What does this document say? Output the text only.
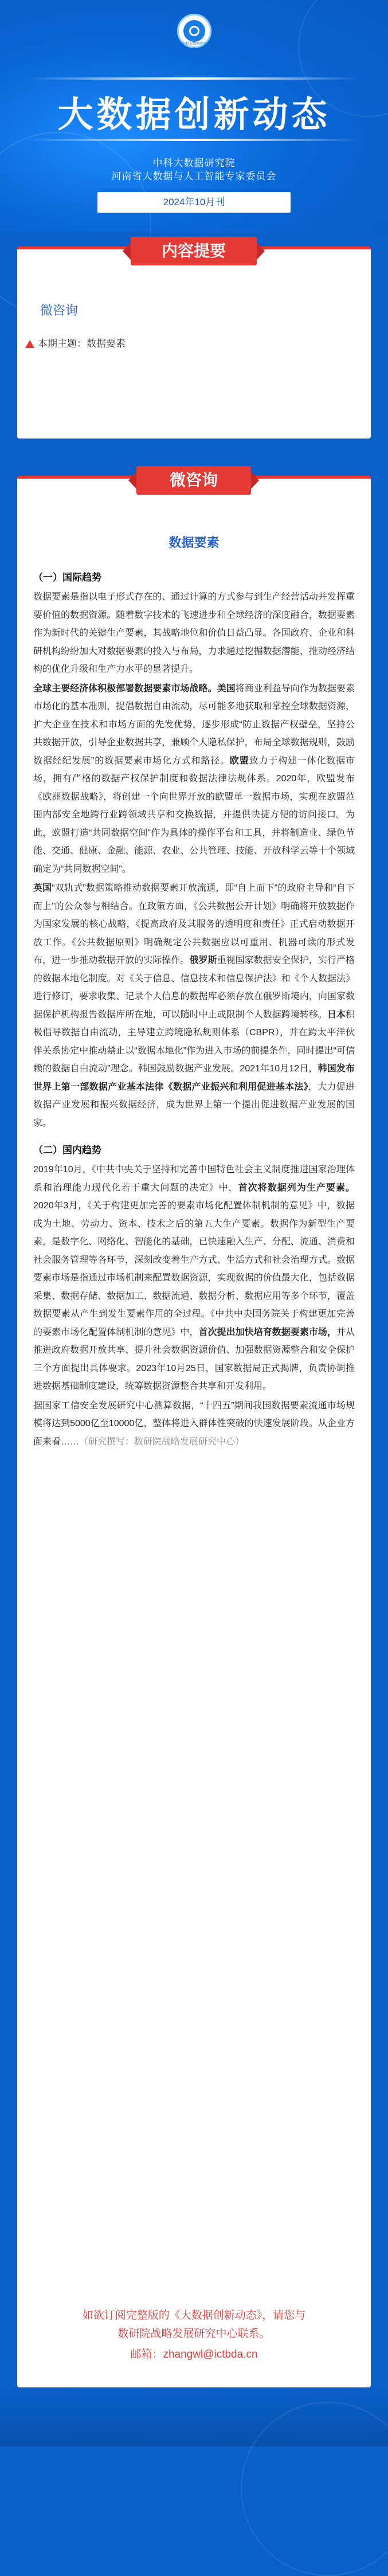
中科大数据研究院
大数据创新动态
中科大数据研究院
河南省大数据与人工智能专家委员会
2024年10月刊
内容提要
微咨询
本期主题：数据要素
微咨询
数据要素
（一）国际趋势

数据要素是指以电子形式存在的、通过计算的方式参与到生产经营活动并发挥重要价值的数据资源。随着数字技术的飞速进步和全球经济的深度融合，数据要素作为新时代的关键生产要素，其战略地位和价值日益凸显。各国政府、企业和科研机构纷纷加大对数据要素的投入与布局，力求通过挖掘数据潜能，推动经济结构的优化升级和生产力水平的显著提升。

全球主要经济体积极部署数据要素市场战略。美国将商业利益导向作为数据要素市场化的基本准则，提倡数据自由流动，尽可能多地获取和掌控全球数据资源，扩大企业在技术和市场方面的先发优势，逐步形成“防止数据产权壁垒，坚持公共数据开放，引导企业数据共享，兼顾个人隐私保护，布局全球数据规则，鼓励数据经纪发展”的数据要素市场化方式和路径。欧盟致力于构建一体化数据市场，拥有严格的数据产权保护制度和数据法律法规体系。2020年，欧盟发布《欧洲数据战略》，将创建一个向世界开放的欧盟单一数据市场，实现在欧盟范围内部安全地跨行业跨领域共享和交换数据，并提供快捷方便的访问接口。为此，欧盟打造“共同数据空间”作为具体的操作平台和工具，并将制造业、绿色节能、交通、健康、金融、能源、农业、公共管理、技能、开放科学云等十个领域确定为“共同数据空间”。

英国“双轨式”数据策略推动数据要素开放流通，即“自上而下”的政府主导和“自下而上”的公众参与相结合。在政策方面，《公共数据公开计划》明确将开放数据作为国家发展的核心战略，《提高政府及其服务的透明度和责任》正式启动数据开放工作。《公共数据原则》明确规定公共数据应以可重用、机器可读的形式发布，进一步推动数据开放的实际操作。俄罗斯重视国家数据安全保护，实行严格的数据本地化制度。对《关于信息、信息技术和信息保护法》和《个人数据法》进行修订，要求收集、记录个人信息的数据库必须存放在俄罗斯境内，向国家数据保护机构报告数据库所在地，可以随时中止或限制个人数据跨境转移。日本积极倡导数据自由流动，主导建立跨境隐私规则体系（CBPR），并在跨太平洋伙伴关系协定中推动禁止以“数据本地化”作为进入市场的前提条件，同时提出“可信赖的数据自由流动”理念。韩国鼓励数据产业发展。2021年10月12日，韩国发布世界上第一部数据产业基本法律《数据产业振兴和利用促进基本法》，大力促进数据产业发展和振兴数据经济，成为世界上第一个提出促进数据产业发展的国家。

（二）国内趋势

2019年10月，《中共中央关于坚持和完善中国特色社会主义制度推进国家治理体系和治理能力现代化若干重大问题的决定》中，首次将数据列为生产要素。2020年3月，《关于构建更加完善的要素市场化配置体制机制的意见》中，数据成为土地、劳动力、资本、技术之后的第五大生产要素。数据作为新型生产要素，是数字化、网络化、智能化的基础，已快速融入生产、分配、流通、消费和社会服务管理等各环节，深刻改变着生产方式、生活方式和社会治理方式。数据要素市场是指通过市场机制来配置数据资源，实现数据的价值最大化，包括数据采集、数据存储、数据加工、数据流通、数据分析、数据应用等多个环节，覆盖数据要素从产生到发生要素作用的全过程。《中共中央国务院关于构建更加完善的要素市场化配置体制机制的意见》中，首次提出加快培育数据要素市场，并从推进政府数据开放共享、提升社会数据资源价值、加强数据资源整合和安全保护三个方面提出具体要求。2023年10月25日，国家数据局正式揭牌，负责协调推进数据基础制度建设，统筹数据资源整合共享和开发利用。

据国家工信安全发展研究中心测算数据，“十四五”期间我国数据要素流通市场规模将达到5000亿至10000亿，整体将进入群体性突破的快速发展阶段。从企业方面来看……（研究撰写：数研院战略发展研究中心）

如欲订阅完整版的《大数据创新动态》，请您与
数研院战略发展研究中心联系。
邮箱：zhangwl@ictbda.cn
